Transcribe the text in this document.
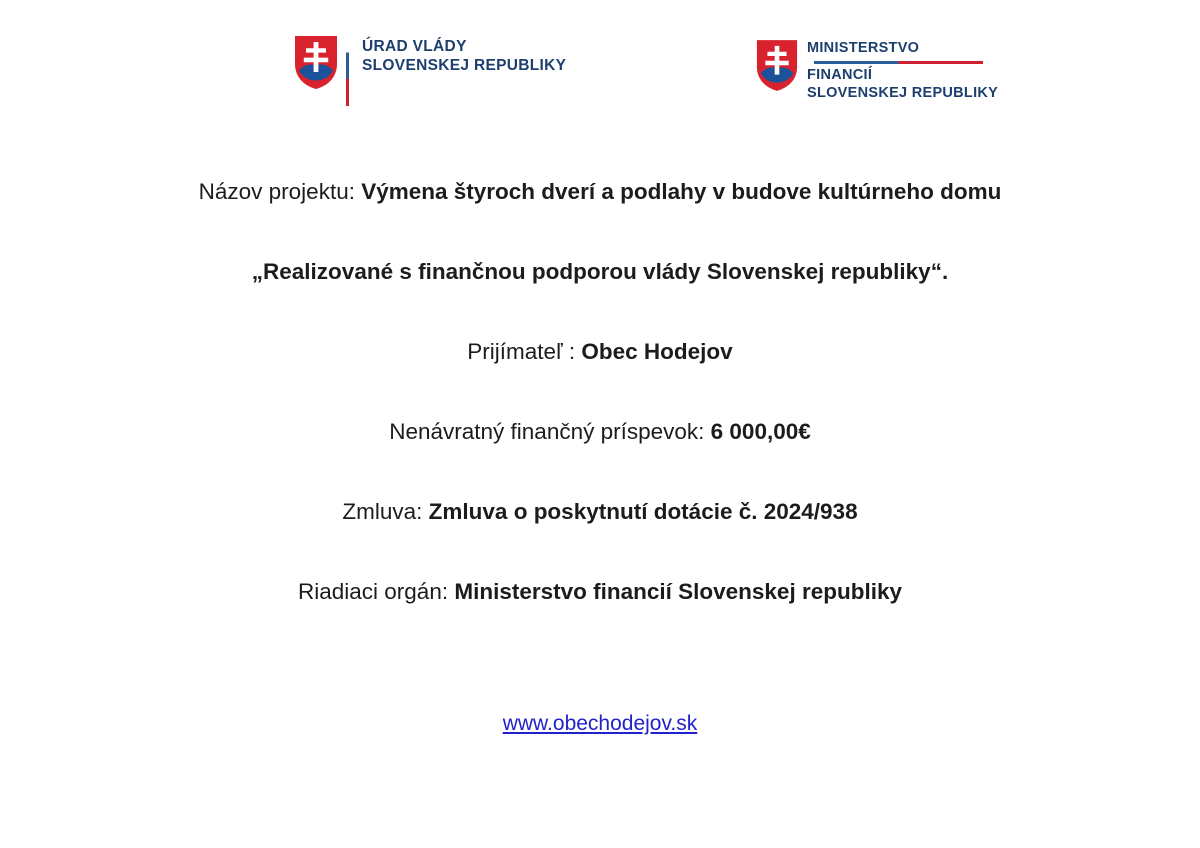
ÚRAD VLÁDY
SLOVENSKEJ REPUBLIKY
MINISTERSTVO
FINANCIÍ
SLOVENSKEJ REPUBLIKY

Názov projektu: Výmena štyroch dverí a podlahy v budove kultúrneho domu

„Realizované s finančnou podporou vlády Slovenskej republiky“.

Prijímateľ : Obec Hodejov

Nenávratný finančný príspevok: 6 000,00€

Zmluva: Zmluva o poskytnutí dotácie č. 2024/938

Riadiaci orgán: Ministerstvo financií Slovenskej republiky

www.obechodejov.sk
